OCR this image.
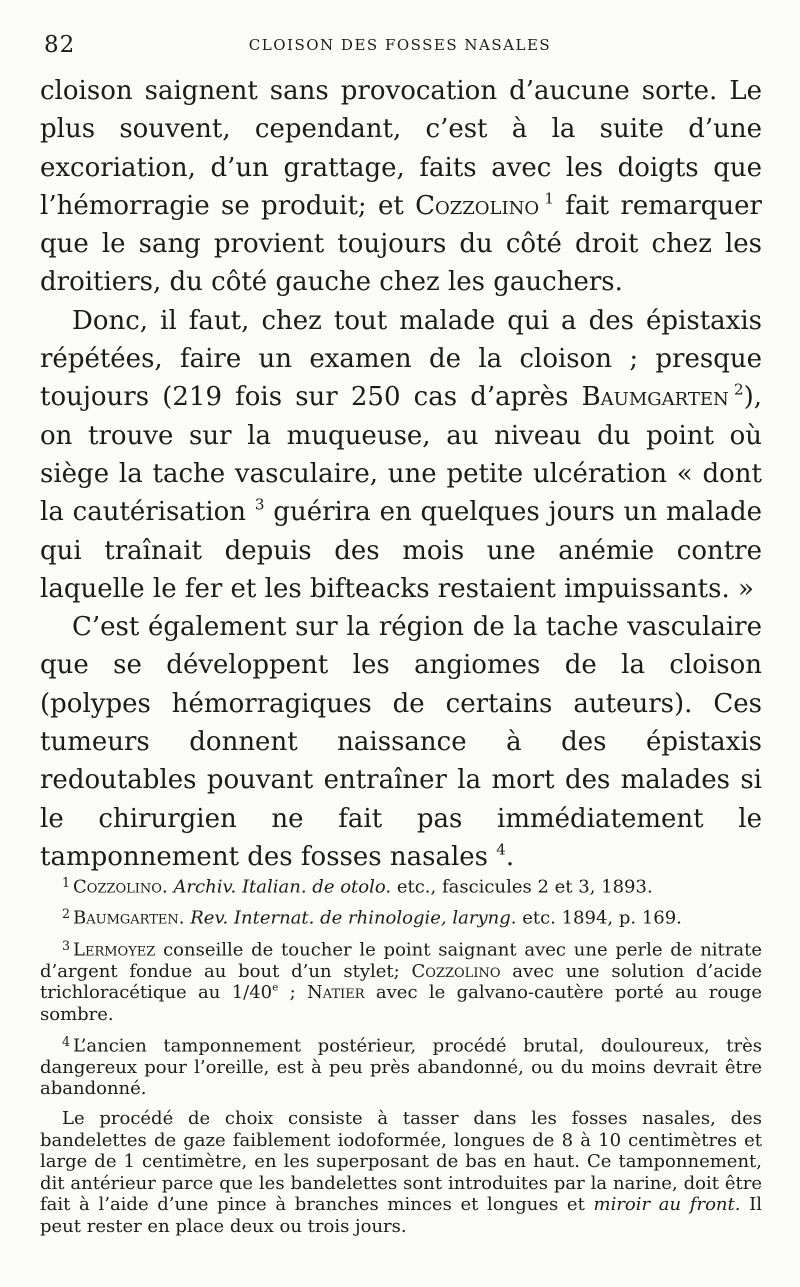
82	CLOISON DES FOSSES NASALES

cloison saignent sans provocation d’aucune sorte. Le plus souvent, cependant, c’est à la suite d’une excoriation, d’un grattage, faits avec les doigts que l’hémorragie se produit; et Cozzolino  $^1$ fait remarquer que le sang provient toujours du côté droit chez les droitiers, du côté gauche chez les gauchers.

Donc, il faut, chez tout malade qui a des épistaxis répétées, faire un examen de la cloison ; presque toujours (219 fois sur 250 cas d’après Baumgarten  $^2$), on trouve sur la muqueuse, au niveau du point où siège la tache vasculaire, une petite ulcération « dont la cautérisation $^3$ guérira en quelques jours un malade qui traînait depuis des mois une anémie contre laquelle le fer et les bifteacks restaient impuissants. »

C’est également sur la région de la tache vasculaire que se développent les angiomes de la cloison (polypes hémorragiques de certains auteurs). Ces tumeurs donnent naissance à des épistaxis redoutables pouvant entraîner la mort des malades si le chirurgien ne fait pas immédiatement le tamponnement des fosses nasales $^4$.

$^1$ Cozzolino. Archiv. Italian. de otolo. etc., fascicules 2 et 3, 1893.

$^2$ Baumgarten. Rev. Internat. de rhinologie, laryng. etc. 1894, p. 169.

$^3$ Lermoyez conseille de toucher le point saignant avec une perle de nitrate d’argent fondue au bout d’un stylet; Cozzolino avec une solution d’acide trichloracétique au 1/40e ; Natier avec le galvano-cautère porté au rouge sombre.

$^4$ L’ancien tamponnement postérieur, procédé brutal, douloureux, très dangereux pour l’oreille, est à peu près abandonné, ou du moins devrait être abandonné.

Le procédé de choix consiste à tasser dans les fosses nasales, des bandelettes de gaze faiblement iodoformée, longues de 8 à 10 centimètres et large de 1 centimètre, en les superposant de bas en haut. Ce tamponnement, dit antérieur parce que les bandelettes sont introduites par la narine, doit être fait à l’aide d’une pince à branches minces et longues et miroir au front. Il peut rester en place deux ou trois jours.
